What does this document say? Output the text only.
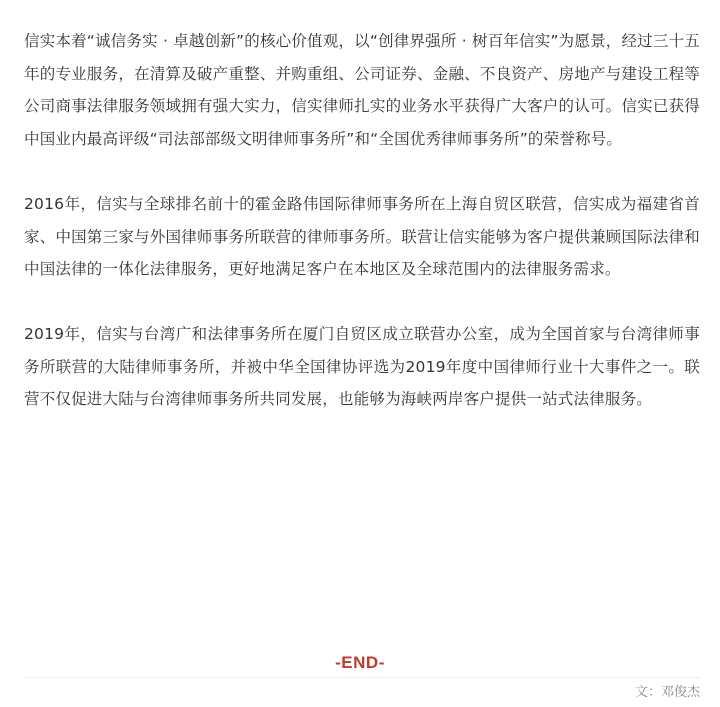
信实本着“诚信务实 · 卓越创新”的核心价值观，以“创律界强所 · 树百年信实”为愿景，经过三十五年的专业服务，在清算及破产重整、并购重组、公司证券、金融、不良资产、房地产与建设工程等公司商事法律服务领域拥有强大实力，信实律师扎实的业务水平获得广大客户的认可。信实已获得中国业内最高评级“司法部部级文明律师事务所”和“全国优秀律师事务所”的荣誉称号。

2016年，信实与全球排名前十的霍金路伟国际律师事务所在上海自贸区联营，信实成为福建省首家、中国第三家与外国律师事务所联营的律师事务所。联营让信实能够为客户提供兼顾国际法律和中国法律的一体化法律服务，更好地满足客户在本地区及全球范围内的法律服务需求。

2019年，信实与台湾广和法律事务所在厦门自贸区成立联营办公室，成为全国首家与台湾律师事务所联营的大陆律师事务所，并被中华全国律协评选为2019年度中国律师行业十大事件之一。联营不仅促进大陆与台湾律师事务所共同发展，也能够为海峡两岸客户提供一站式法律服务。

-END-
文：邓俊杰
